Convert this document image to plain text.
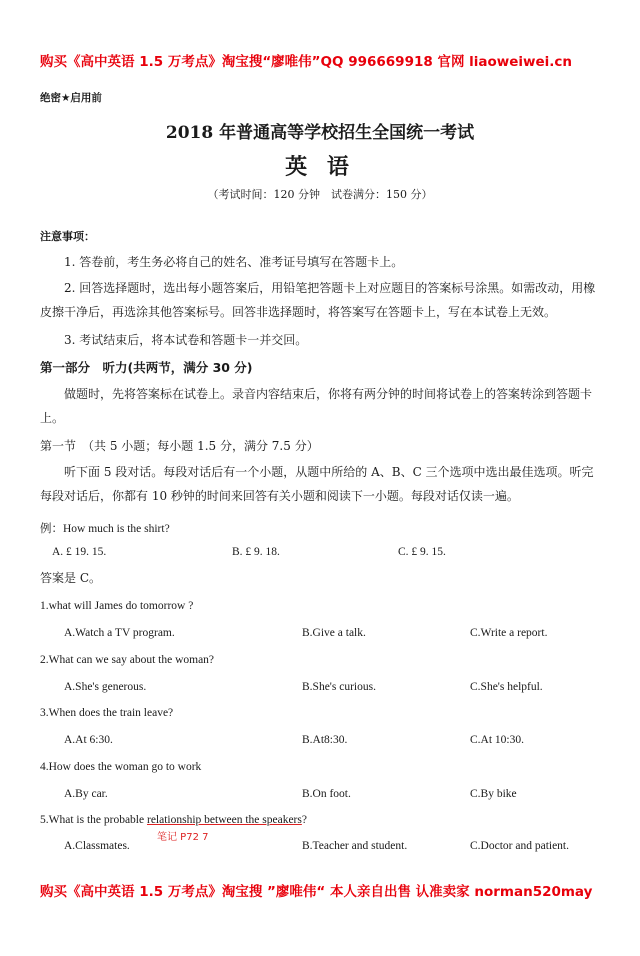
购买《高中英语 1.5 万考点》淘宝搜“廖唯伟”QQ 996669918 官网 liaoweiwei.cn
绝密★启用前
2018 年普通高等学校招生全国统一考试
英 语
（考试时间：120 分钟　试卷满分：150 分）
注意事项：
1. 答卷前，考生务必将自己的姓名、准考证号填写在答题卡上。
2. 回答选择题时，选出每小题答案后，用铅笔把答题卡上对应题目的答案标号涂黑。如需改动，用橡皮擦干净后，再选涂其他答案标号。回答非选择题时，将答案写在答题卡上，写在本试卷上无效。
3. 考试结束后，将本试卷和答题卡一并交回。
第一部分　听力(共两节，满分 30 分)
做题时，先将答案标在试卷上。录音内容结束后，你将有两分钟的时间将试卷上的答案转涂到答题卡上。
第一节　（共 5 小题；每小题 1.5 分，满分 7.5 分）
听下面 5 段对话。每段对话后有一个小题，从题中所给的 A、B、C 三个选项中选出最佳选项。听完每段对话后，你都有 10 秒钟的时间来回答有关小题和阅读下一小题。每段对话仅读一遍。
例：How much is the shirt?
A. £ 19. 15.	B. £ 9. 18.	C. £ 9. 15.
答案是 C。
1.what will James do tomorrow ?
A.Watch a TV program.	B.Give a talk.	C.Write a report.
2.What can we say about the woman?
A.She's generous.	B.She's curious.	C.She's helpful.
3.When does the train leave?
A.At 6:30.	B.At8:30.	C.At 10:30.
4.How does the woman go to work
A.By car.	B.On foot.	C.By bike
5.What is the probable relationship between the speakers?
笔记 P72 7
A.Classmates.	B.Teacher and student.	C.Doctor and patient.
购买《高中英语 1.5 万考点》淘宝搜 ”廖唯伟“ 本人亲自出售 认准卖家 norman520may
